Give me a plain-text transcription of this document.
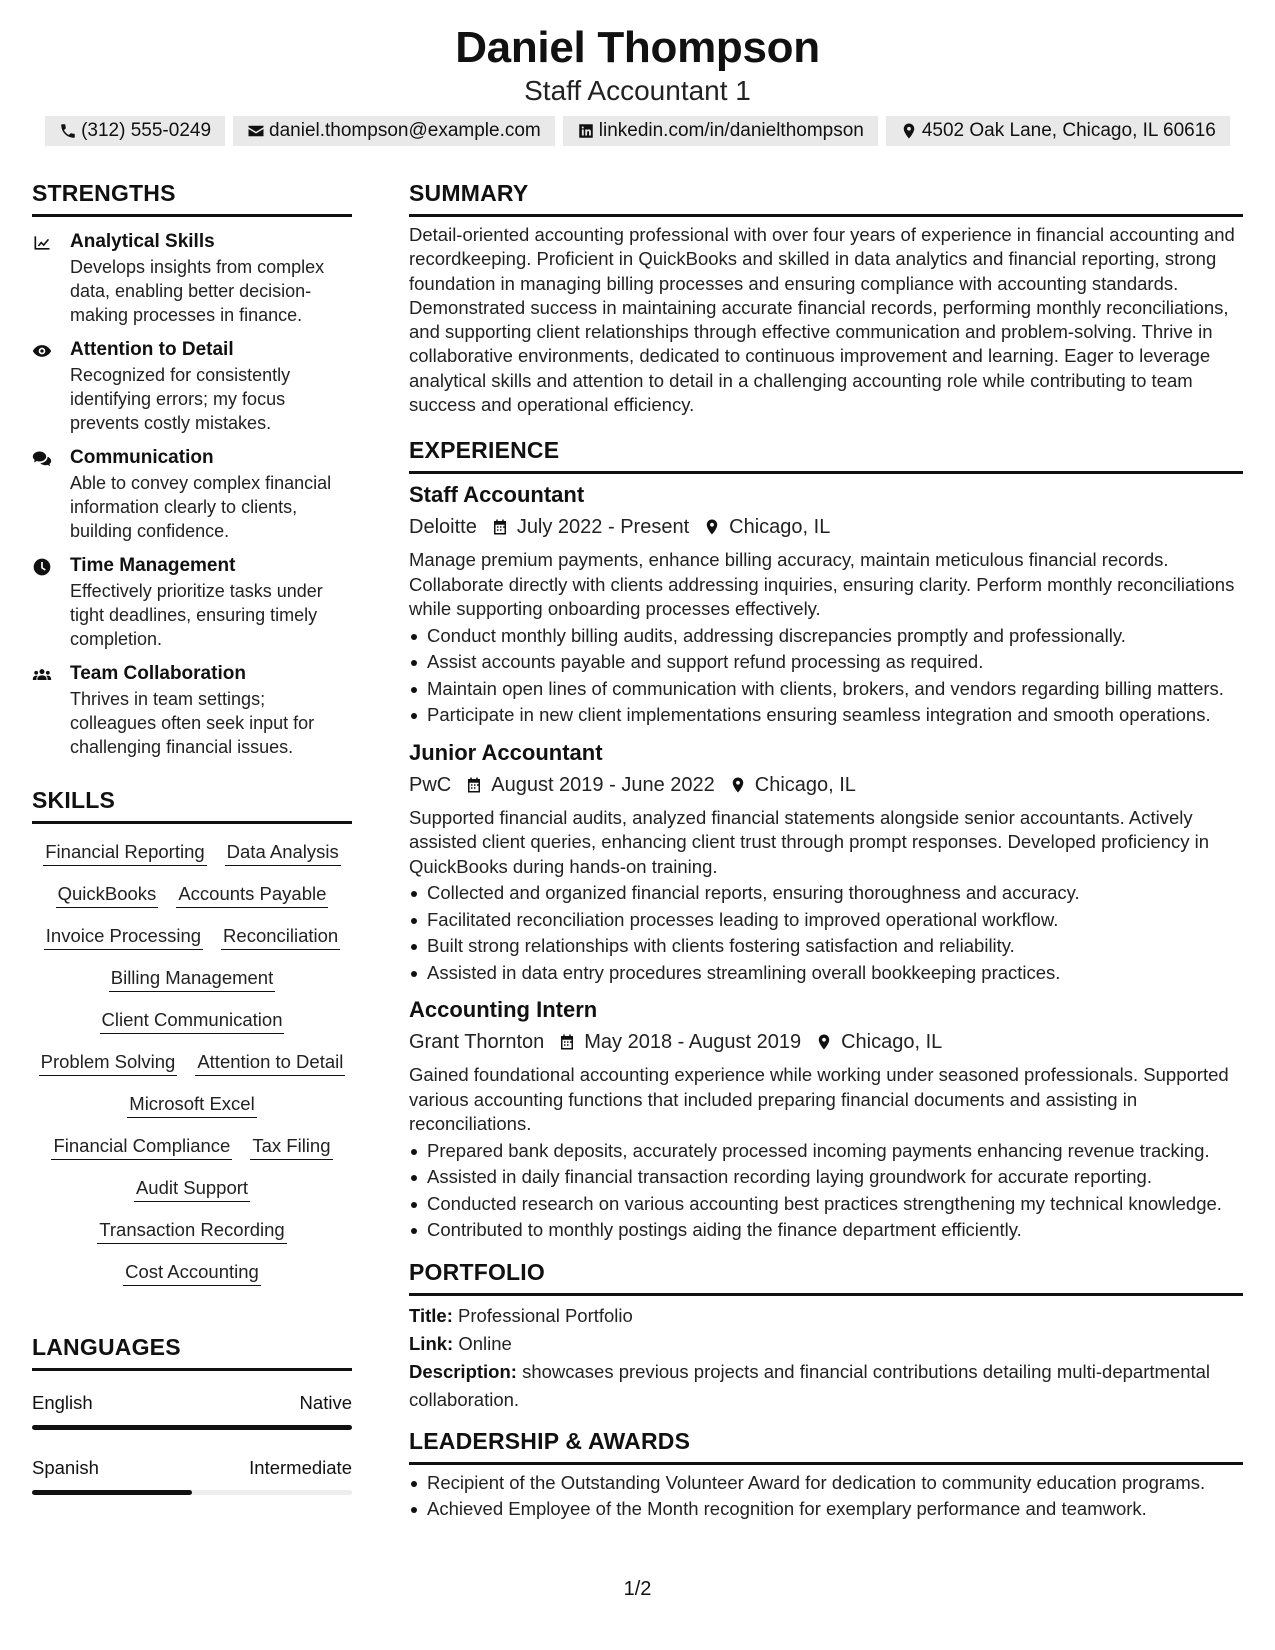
Daniel Thompson

Staff Accountant 1

(312) 555-0249	daniel.thompson@example.com	linkedin.com/in/danielthompson	4502 Oak Lane, Chicago, IL 60616
STRENGTHS
Analytical Skills
Develops insights from complex data, enabling better decision-making processes in finance.
Attention to Detail
Recognized for consistently identifying errors; my focus prevents costly mistakes.
Communication
Able to convey complex financial information clearly to clients, building confidence.
Time Management
Effectively prioritize tasks under tight deadlines, ensuring timely completion.
Team Collaboration
Thrives in team settings; colleagues often seek input for challenging financial issues.
SKILLS
Financial Reporting Data Analysis
QuickBooks Accounts Payable
Invoice Processing Reconciliation
Billing Management
Client Communication
Problem Solving Attention to Detail
Microsoft Excel
Financial Compliance Tax Filing
Audit Support
Transaction Recording
Cost Accounting
LANGUAGES
English	Native
Spanish	Intermediate
SUMMARY

Detail-oriented accounting professional with over four years of experience in financial accounting and recordkeeping. Proficient in QuickBooks and skilled in data analytics and financial reporting, strong foundation in managing billing processes and ensuring compliance with accounting standards. Demonstrated success in maintaining accurate financial records, performing monthly reconciliations, and supporting client relationships through effective communication and problem-solving. Thrive in collaborative environments, dedicated to continuous improvement and learning. Eager to leverage analytical skills and attention to detail in a challenging accounting role while contributing to team success and operational efficiency.

EXPERIENCE
Staff Accountant
Deloitte July 2022 - Present Chicago, IL
Manage premium payments, enhance billing accuracy, maintain meticulous financial records. Collaborate directly with clients addressing inquiries, ensuring clarity. Perform monthly reconciliations while supporting onboarding processes effectively.
Conduct monthly billing audits, addressing discrepancies promptly and professionally.
Assist accounts payable and support refund processing as required.
Maintain open lines of communication with clients, brokers, and vendors regarding billing matters.
Participate in new client implementations ensuring seamless integration and smooth operations.
Junior Accountant
PwC August 2019 - June 2022 Chicago, IL
Supported financial audits, analyzed financial statements alongside senior accountants. Actively assisted client queries, enhancing client trust through prompt responses. Developed proficiency in QuickBooks during hands-on training.
Collected and organized financial reports, ensuring thoroughness and accuracy.
Facilitated reconciliation processes leading to improved operational workflow.
Built strong relationships with clients fostering satisfaction and reliability.
Assisted in data entry procedures streamlining overall bookkeeping practices.
Accounting Intern
Grant Thornton May 2018 - August 2019 Chicago, IL
Gained foundational accounting experience while working under seasoned professionals. Supported various accounting functions that included preparing financial documents and assisting in reconciliations.
Prepared bank deposits, accurately processed incoming payments enhancing revenue tracking.
Assisted in daily financial transaction recording laying groundwork for accurate reporting.
Conducted research on various accounting best practices strengthening my technical knowledge.
Contributed to monthly postings aiding the finance department efficiently.
PORTFOLIO
Title: Professional Portfolio
Link: Online
Description: showcases previous projects and financial contributions detailing multi-departmental collaboration.
LEADERSHIP & AWARDS
Recipient of the Outstanding Volunteer Award for dedication to community education programs.
Achieved Employee of the Month recognition for exemplary performance and teamwork.
1/2
